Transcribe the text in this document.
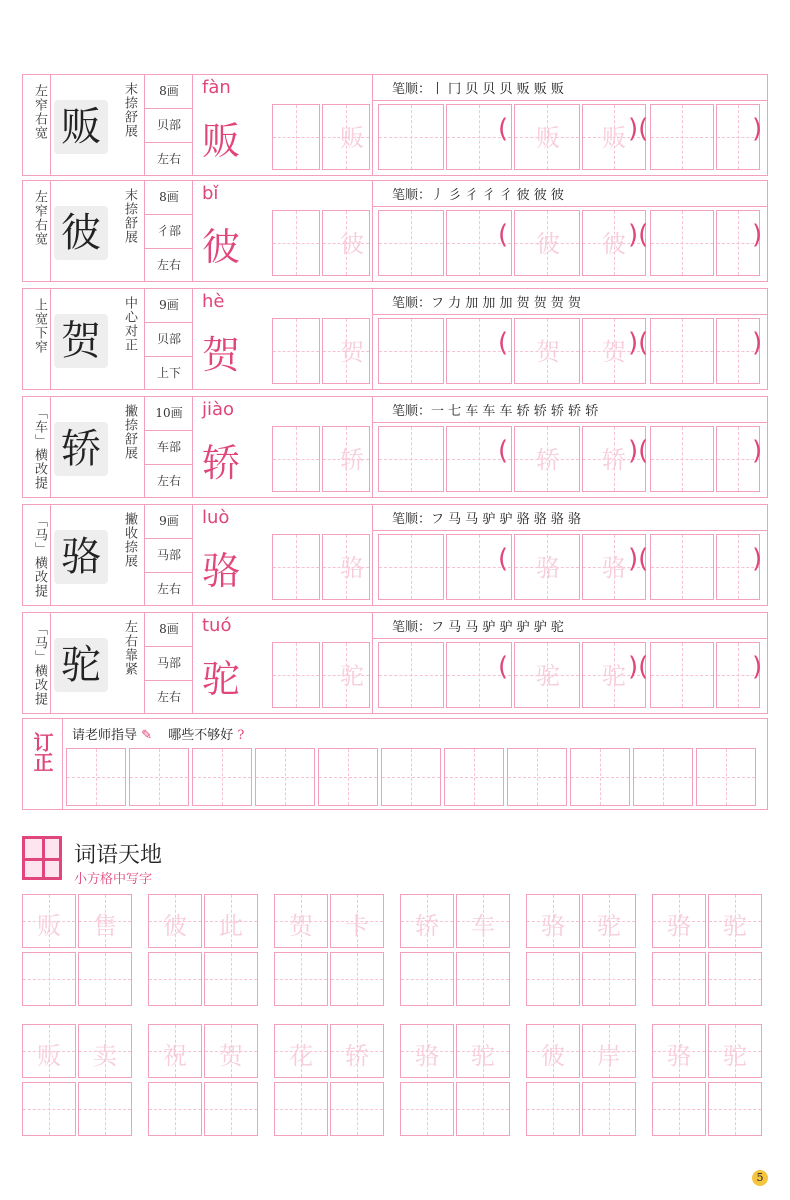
左窄右宽 贩	末捺舒展	8画
贝部
左右
fàn
贩
笔顺：丨 冂 贝 贝 贝 贩 贩 贩
贩	(	贩	贩 )(	)
左窄右宽 彼	末捺舒展	8画
彳部
左右
bǐ
彼
笔顺：丿 彡 彳 彳 彳 彼 彼 彼
彼	(	彼	彼 )(	)
上宽下窄 贺	中心对正	9画
贝部
上下
hè
贺
笔顺：フ 力 加 加 加 贺 贺 贺 贺
贺	(	贺	贺 )(	)
「车」横改提 轿	撇捺舒展	10画
车部
左右
jiào
轿
笔顺：一 七 车 车 车 轿 轿 轿 轿 轿
轿	(	轿	轿 )(	)
「马」横改提 骆	撇收捺展	9画
马部
左右
luò
骆
笔顺：フ 马 马 驴 驴 骆 骆 骆 骆
骆	(	骆	骆 )(	)
「马」横改提 驼	左右靠紧	8画
马部
左右
tuó
驼
笔顺：フ 马 马 驴 驴 驴 驴 驼
驼	(	驼	驼 )(	)
订正	请老师指导 ✎ 哪些不够好 ?
词语天地
小方格中写字
贩	售	彼	此	贺	卡	轿	车	骆	驼	骆	驼
贩	卖	祝	贺	花	轿	骆	驼	彼	岸	骆	驼
5
